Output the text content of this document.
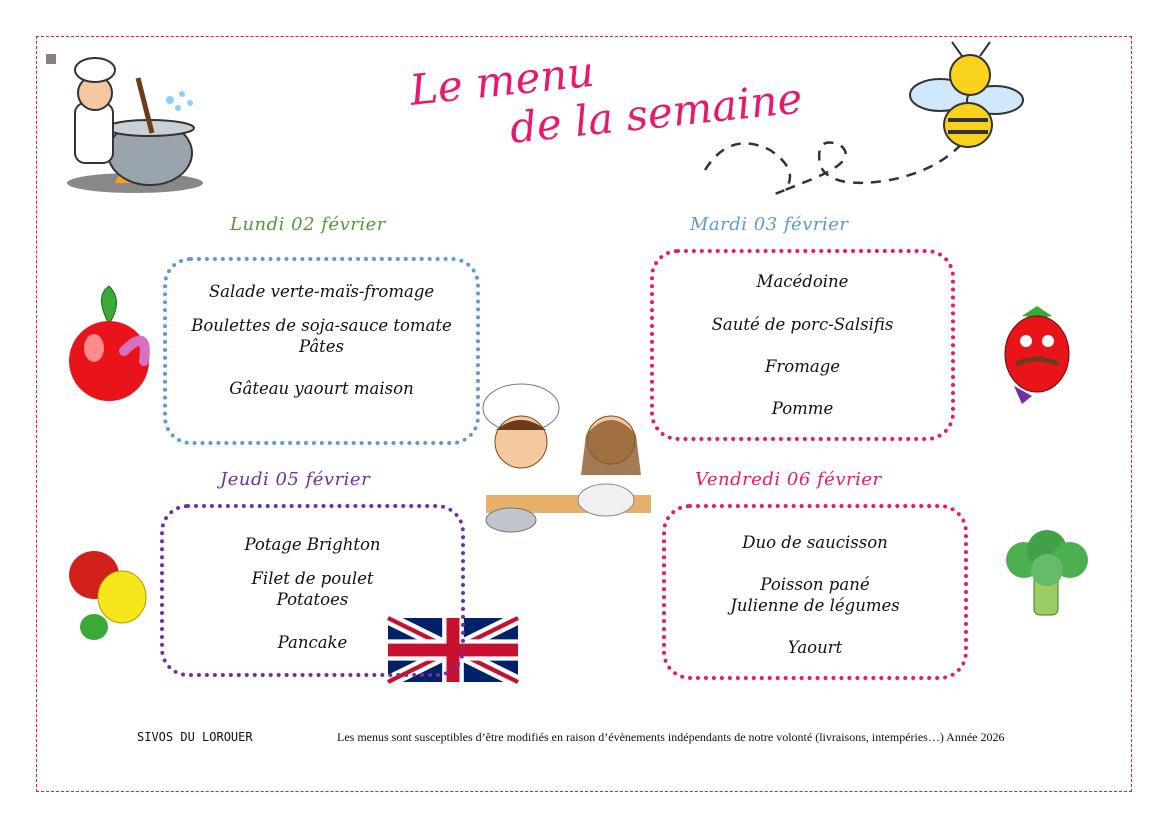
Le menu
de la semaine
Lundi 02 février
Salade verte-maïs-fromage
Boulettes de soja-sauce tomate
Pâtes
Gâteau yaourt maison
Mardi 03 février
Macédoine
Sauté de porc-Salsifis
Fromage
Pomme
Jeudi 05 février
Potage Brighton
Filet de poulet
Potatoes
Pancake
Vendredi 06 février
Duo de saucisson
Poisson pané
Julienne de légumes
Yaourt
SIVOS DU LOROUER	Les menus sont susceptibles d’être modifiés en raison d’évènements indépendants de notre volonté (livraisons, intempéries…) Année 2026
